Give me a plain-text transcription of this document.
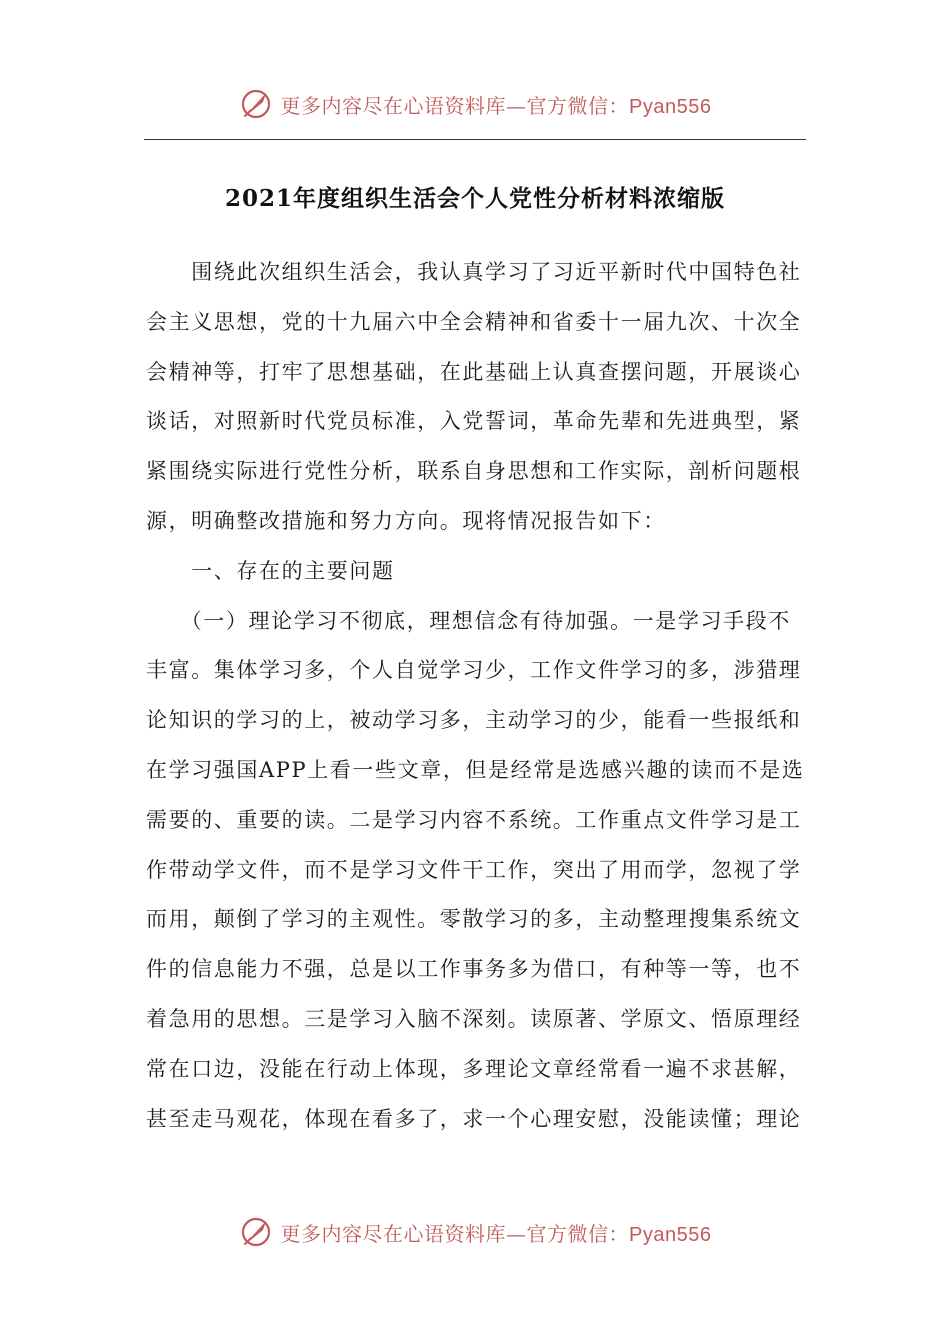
更多内容尽在心语资料库—官方微信：Pyan556
2021年度组织生活会个人党性分析材料浓缩版
　　围绕此次组织生活会，我认真学习了习近平新时代中国特色社
会主义思想，党的十九届六中全会精神和省委十一届九次、十次全
会精神等，打牢了思想基础，在此基础上认真查摆问题，开展谈心
谈话，对照新时代党员标准，入党誓词，革命先辈和先进典型，紧
紧围绕实际进行党性分析，联系自身思想和工作实际，剖析问题根
源，明确整改措施和努力方向。现将情况报告如下：
　　一、存在的主要问题
　　（一）理论学习不彻底，理想信念有待加强。一是学习手段不
丰富。集体学习多，个人自觉学习少，工作文件学习的多，涉猎理
论知识的学习的上，被动学习多，主动学习的少，能看一些报纸和
在学习强国APP上看一些文章，但是经常是选感兴趣的读而不是选
需要的、重要的读。二是学习内容不系统。工作重点文件学习是工
作带动学文件，而不是学习文件干工作，突出了用而学，忽视了学
而用，颠倒了学习的主观性。零散学习的多，主动整理搜集系统文
件的信息能力不强，总是以工作事务多为借口，有种等一等，也不
着急用的思想。三是学习入脑不深刻。读原著、学原文、悟原理经
常在口边，没能在行动上体现，多理论文章经常看一遍不求甚解，
甚至走马观花，体现在看多了，求一个心理安慰，没能读懂；理论
更多内容尽在心语资料库—官方微信：Pyan556
